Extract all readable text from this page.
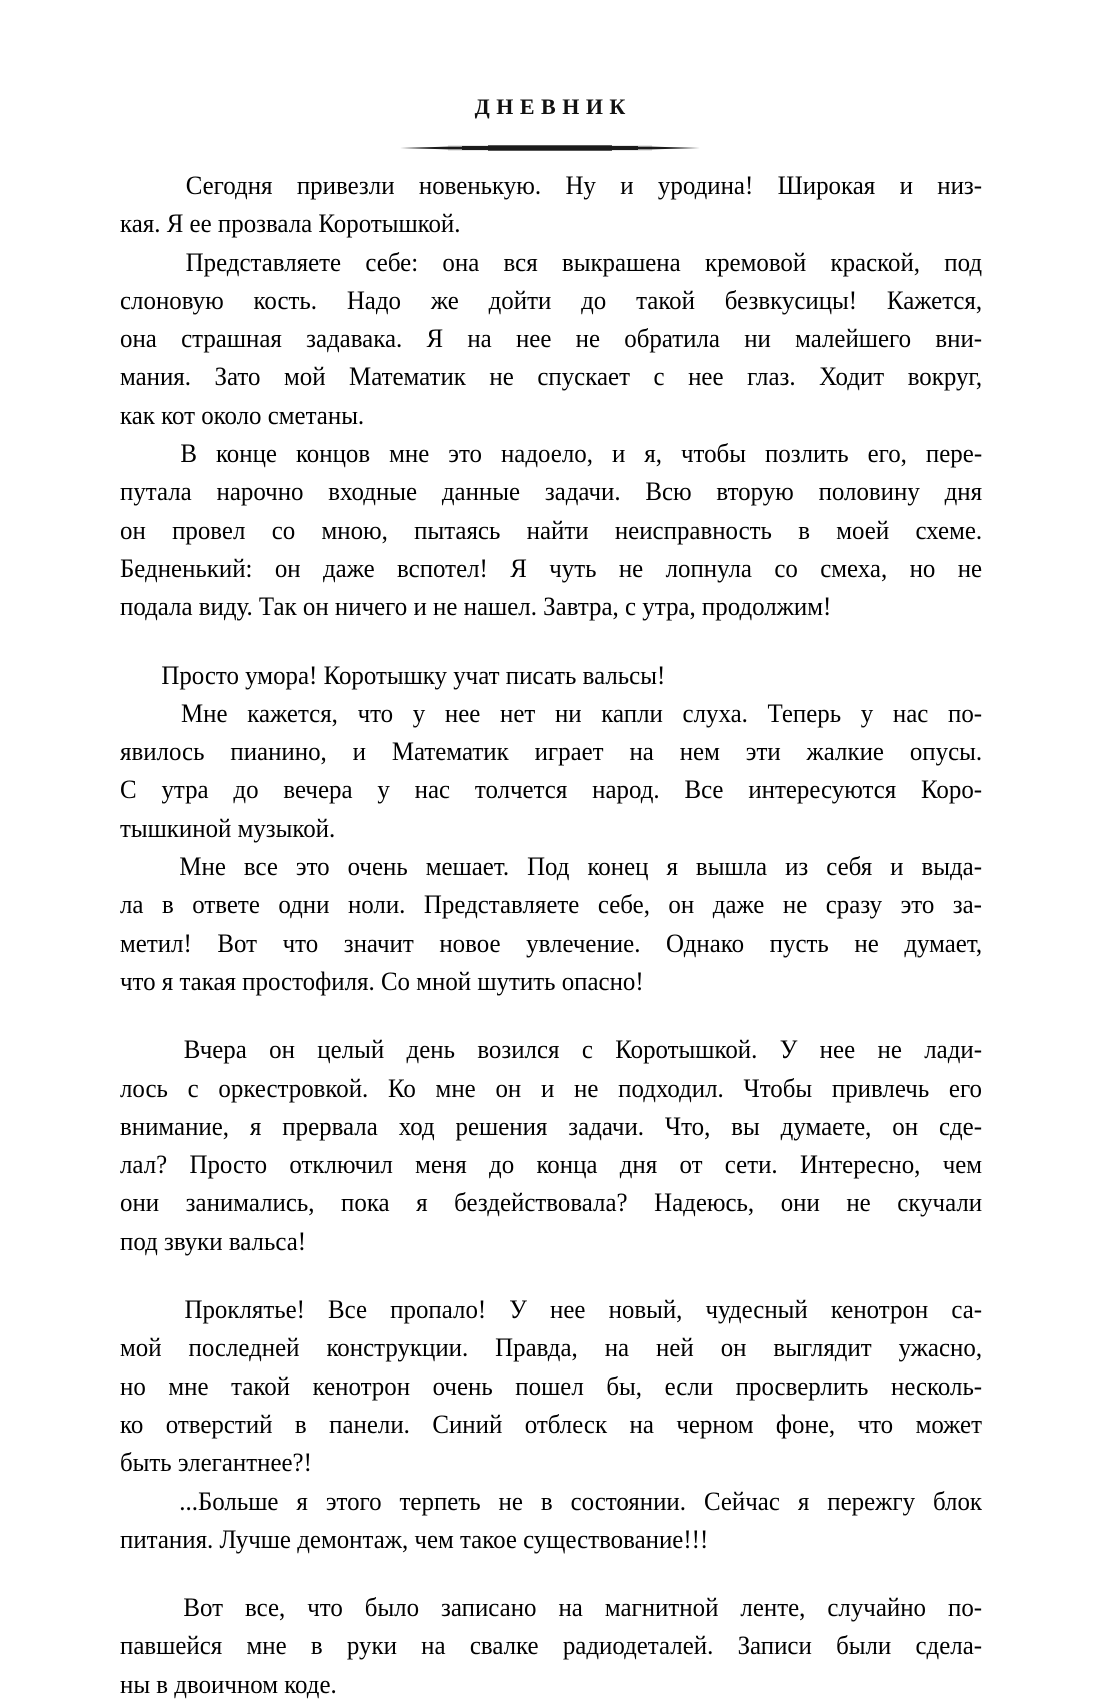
ДНЕВНИК

Сегодня привезли новенькую. Ну и уродина! Широкая и низ-
кая.
Я
ее
прозвала
Коротышкой.

Представляете себе: она вся выкрашена кремовой краской, под
слоновую кость. Надо же дойти до такой безвкусицы! Кажется,
она страшная задавака. Я на нее не обратила ни малейшего вни-
мания. Зато мой Математик не спускает с нее глаз. Ходит вокруг,
как
кот
около
сметаны.

В конце концов мне это надоело, и я, чтобы позлить его, пере-
путала нарочно входные данные задачи. Всю вторую половину дня
он провел со мною, пытаясь найти неисправность в моей схеме.
Бедненький: он даже вспотел! Я чуть не лопнула со смеха, но не
подала
виду.
Так
он
ничего
и
не
нашел.
Завтра,
с
утра,
продолжим!

Просто
умора!
Коротышку
учат
писать
вальсы!

Мне кажется, что у нее нет ни капли слуха. Теперь у нас по-
явилось пианино, и Математик играет на нем эти жалкие опусы.
С утра до вечера у нас толчется народ. Все интересуются Коро-
тышкиной
музыкой.

Мне все это очень мешает. Под конец я вышла из себя и выда-
ла в ответе одни ноли. Представляете себе, он даже не сразу это за-
метил! Вот что значит новое увлечение. Однако пусть не думает,
что
я
такая
простофиля.
Со
мной
шутить
опасно!

Вчера он целый день возился с Коротышкой. У нее не лади-
лось с оркестровкой. Ко мне он и не подходил. Чтобы привлечь его
внимание, я прервала ход решения задачи. Что, вы думаете, он сде-
лал? Просто отключил меня до конца дня от сети. Интересно, чем
они занимались, пока я бездействовала? Надеюсь, они не скучали
под
звуки
вальса!

Проклятье! Все пропало! У нее новый, чудесный кенотрон са-
мой последней конструкции. Правда, на ней он выглядит ужасно,
но мне такой кенотрон очень пошел бы, если просверлить несколь-
ко отверстий в панели. Синий отблеск на черном фоне, что может
быть
элегантнее?!

...Больше я этого терпеть не в состоянии. Сейчас я пережгу блок
питания.
Лучше
демонтаж,
чем
такое
существование!!!

Вот все, что было записано на магнитной ленте, случайно по-
павшейся мне в руки на свалке радиодеталей. Записи были сдела-
ны
в
двоичном
коде.
